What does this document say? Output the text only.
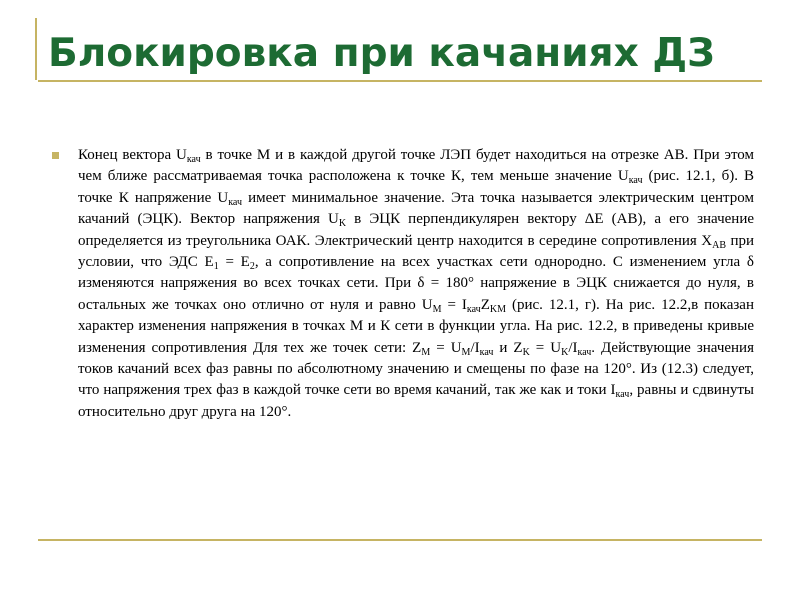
Блокировка при качаниях ДЗ

Конец вектора $U_{кач}$ в точке M и в каждой другой точке ЛЭП будет находиться на отрезке АВ. При этом чем ближе рассматриваемая точка расположена к точке К, тем меньше значение $U_{кач}$ (рис. 12.1, б). В точке К напряжение $U_{кач}$ имеет минимальное значение. Эта точка называется электрическим центром качаний (ЭЦК). Вектор напряжения $U_K$ в ЭЦК перпендикулярен вектору ΔЕ (АВ), а его значение определяется из треугольника ОАК. Электрический центр находится в середине сопротивления $X_{AB}$ при условии, что ЭДС $E_1 = E_2$, а сопротивление на всех участках сети однородно. С изменением угла δ изменяются напряжения во всех точках сети. При δ = 180° напряжение в ЭЦК снижается до нуля, в остальных же точках оно отлично от нуля и равно $U_M = I_{кач}Z_{KM}$ (рис. 12.1, г). На рис. 12.2,в показан характер изменения напряжения в точках М и К сети в функции угла. На рис. 12.2, в приведены кривые изменения сопротивления Для тех же точек сети: $Z_M = U_M/I_{кач}$ и $Z_K = U_K/I_{кач}$. Действующие значения токов качаний всех фаз равны по абсолютному значению и смещены по фазе на 120°. Из (12.3) следует, что напряжения трех фаз в каждой точке сети во время качаний, так же как и токи $I_{кач}$, равны и сдвинуты относительно друг друга на 120°.
